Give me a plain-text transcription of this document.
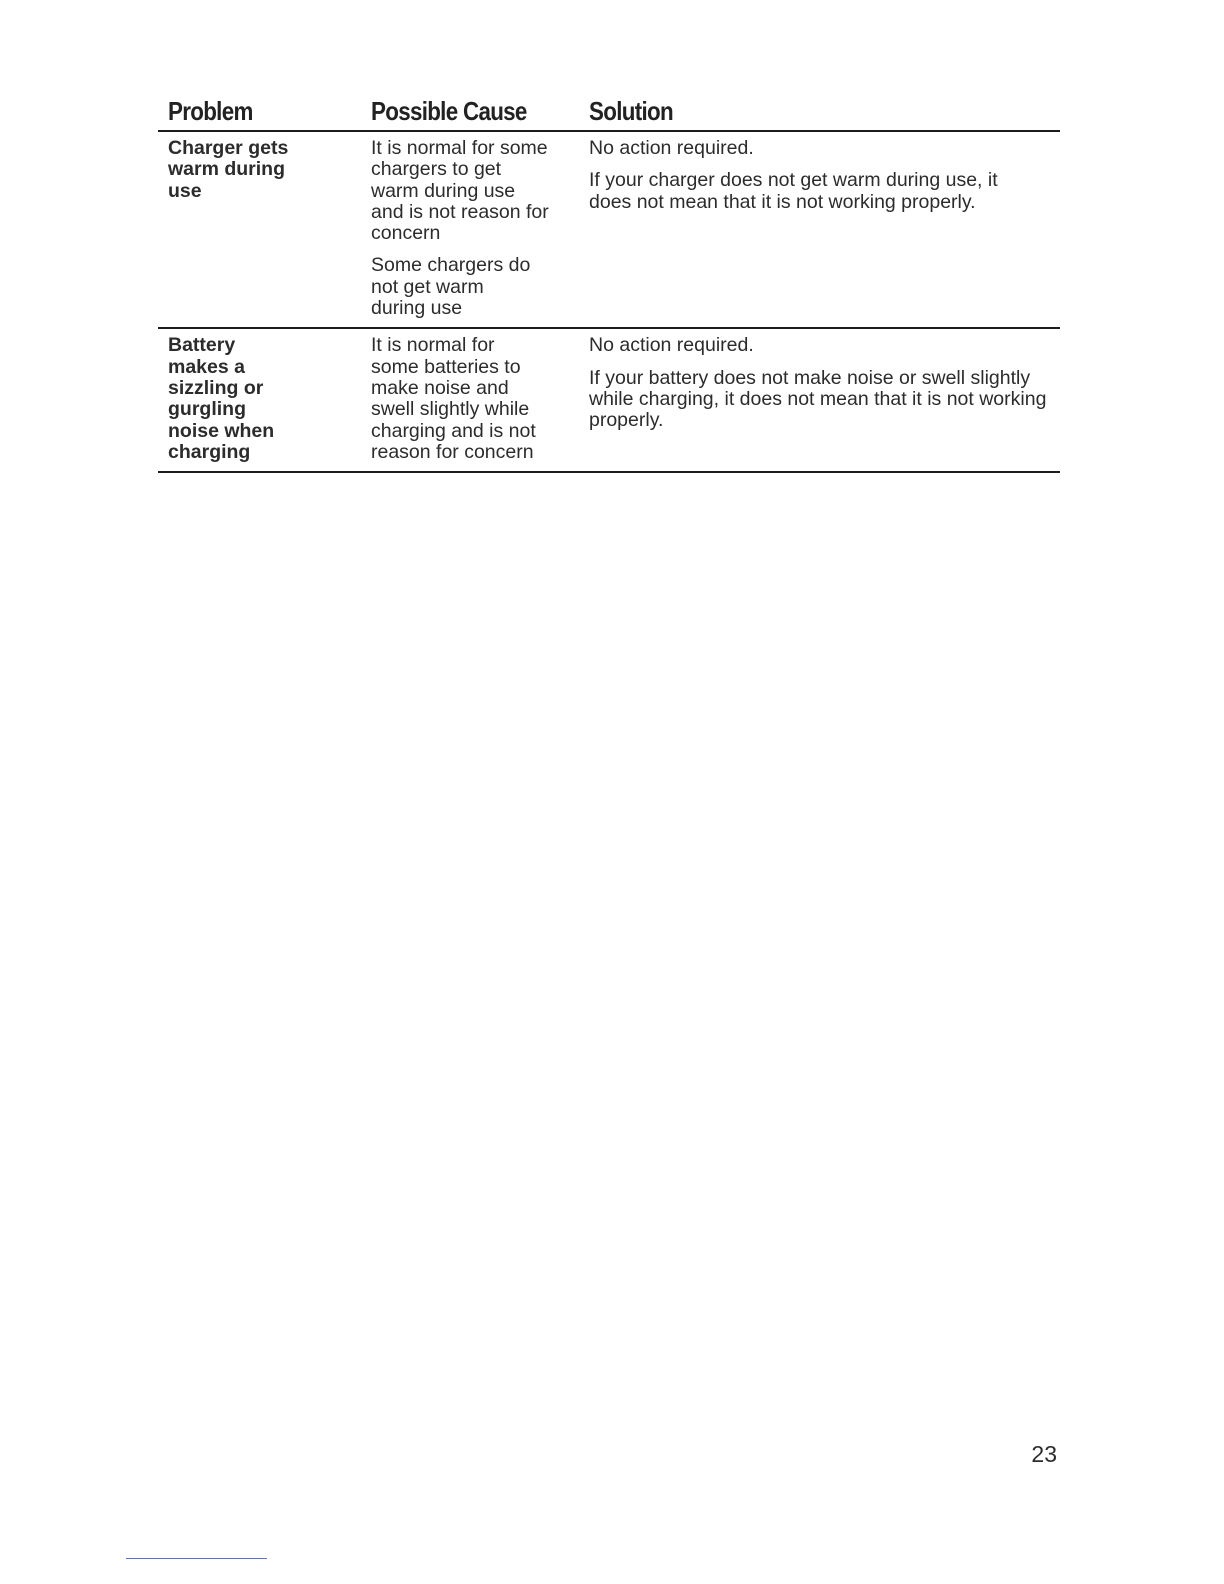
Problem	Possible Cause	Solution
Charger gets warm during use
It is normal for some chargers to get warm during use and is not reason for concern
Some chargers do not get warm during use
No action required.
If your charger does not get warm during use, it does not mean that it is not working properly.
Battery makes a sizzling or gurgling noise when charging
It is normal for some batteries to make noise and swell slightly while charging and is not reason for concern
No action required.
If your battery does not make noise or swell slightly while charging, it does not mean that it is not working properly.
23
